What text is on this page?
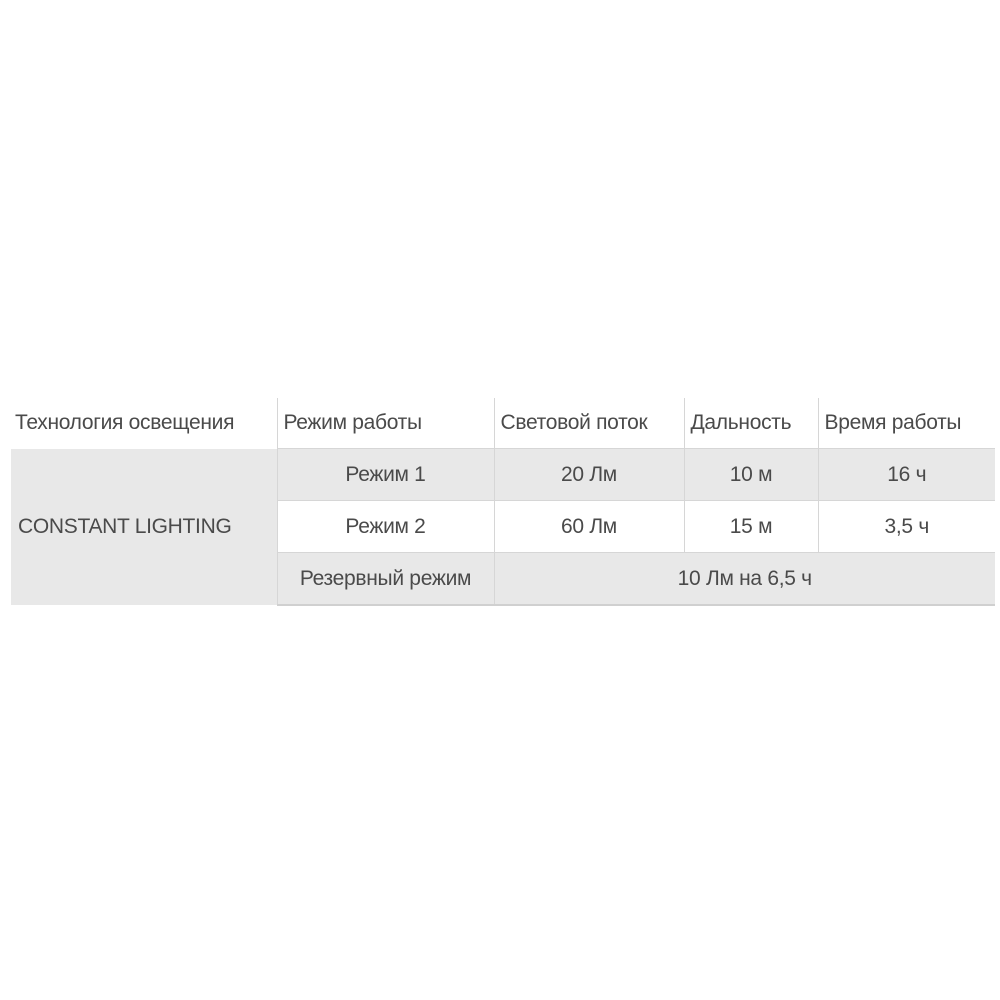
Технология освещения	Режим работы	Световой поток	Дальность	Время работы
CONSTANT LIGHTING	Режим 1	20 Лм	10 м	16 ч
	Режим 2	60 Лм	15 м	3,5 ч
	Резервный режим	10 Лм на 6,5 ч		
